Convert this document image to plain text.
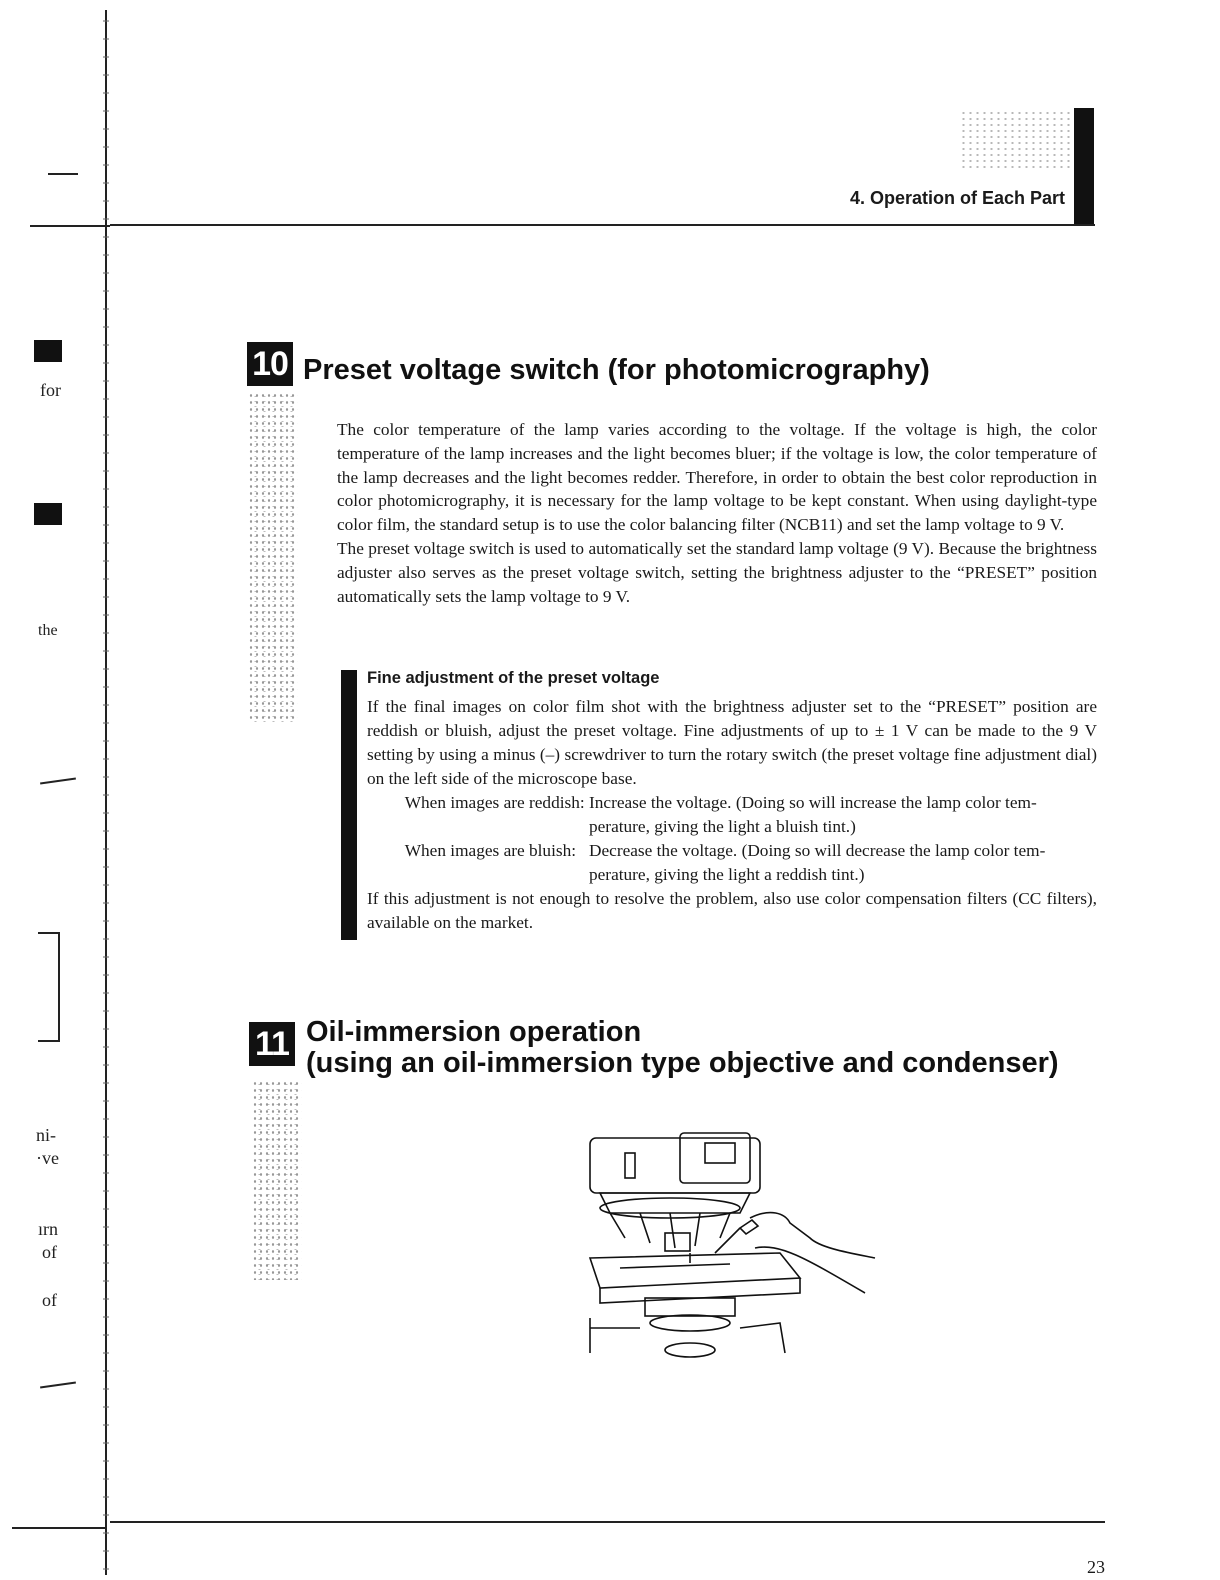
for
the
ni-
·ve
ırn
of
of
4. Operation of Each Part
10 Preset voltage switch (for photomicrography)

The color temperature of the lamp varies according to the voltage. If the voltage is high, the color temperature of the lamp increases and the light becomes bluer; if the voltage is low, the color temperature of the lamp decreases and the light becomes redder. Therefore, in order to obtain the best color reproduction in color photomicrography, it is necessary for the lamp voltage to be kept constant. When using daylight-type color film, the standard setup is to use the color balancing filter (NCB11) and set the lamp voltage to 9 V.

The preset voltage switch is used to automatically set the standard lamp voltage (9 V). Because the brightness adjuster also serves as the preset voltage switch, setting the brightness adjuster to the “PRESET” position automatically sets the lamp voltage to 9 V.

Fine adjustment of the preset voltage

If the final images on color film shot with the brightness adjuster set to the “PRESET” position are reddish or bluish, adjust the preset voltage. Fine adjustments of up to ± 1 V can be made to the 9 V setting by using a minus (–) screwdriver to turn the rotary switch (the preset voltage fine adjustment dial) on the left side of the microscope base.

When images are reddish: Increase the voltage. (Doing so will increase the lamp color tem-
perature, giving the light a bluish tint.)
When images are bluish: Decrease the voltage. (Doing so will decrease the lamp color tem-
perature, giving the light a reddish tint.)

If this adjustment is not enough to resolve the problem, also use color compensation filters (CC filters), available on the market.

11 Oil-immersion operation
(using an oil-immersion type objective and condenser)
23
